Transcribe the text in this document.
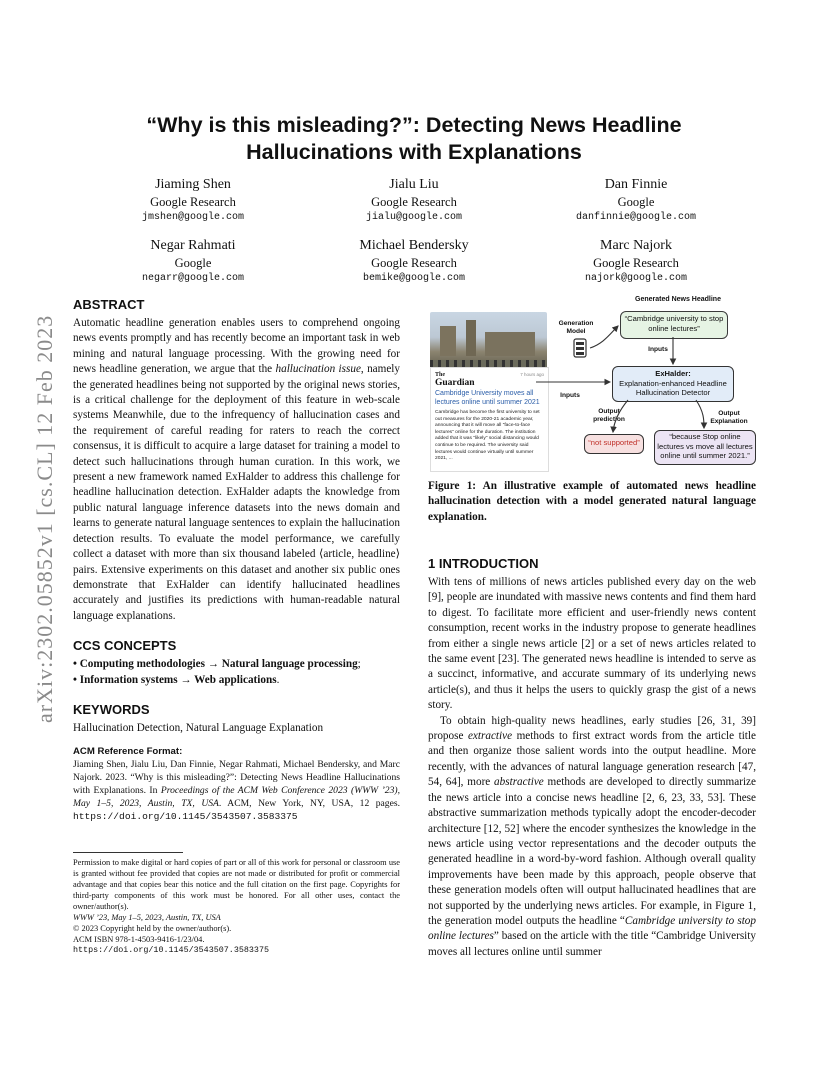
arXiv:2302.05852v1 [cs.CL] 12 Feb 2023
“Why is this misleading?”: Detecting News Headline Hallucinations with Explanations
Jiaming Shen
Google Research
jmshen@google.com
Jialu Liu
Google Research
jialu@google.com
Dan Finnie
Google
danfinnie@google.com
Negar Rahmati
Google
negarr@google.com
Michael Bendersky
Google Research
bemike@google.com
Marc Najork
Google Research
najork@google.com
ABSTRACT

Automatic headline generation enables users to comprehend ongoing news events promptly and has recently become an important task in web mining and natural language processing. With the growing need for news headline generation, we argue that the hallucination issue, namely the generated headlines being not supported by the original news stories, is a critical challenge for the deployment of this feature in web-scale systems Meanwhile, due to the infrequency of hallucination cases and the requirement of careful reading for raters to reach the correct consensus, it is difficult to acquire a large dataset for training a model to detect such hallucinations through human curation. In this work, we present a new framework named ExHalder to address this challenge for headline hallucination detection. ExHalder adapts the knowledge from public natural language inference datasets into the news domain and learns to generate natural language sentences to explain the hallucination detection results. To evaluate the model performance, we carefully collect a dataset with more than six thousand labeled ⟨article, headline⟩ pairs. Extensive experiments on this dataset and another six public ones demonstrate that ExHalder can identify hallucinated headlines accurately and justifies its predictions with human-readable natural language explanations.

CCS CONCEPTS

• Computing methodologies → Natural language processing;
• Information systems → Web applications.

KEYWORDS

Hallucination Detection, Natural Language Explanation

ACM Reference Format:

Jiaming Shen, Jialu Liu, Dan Finnie, Negar Rahmati, Michael Bendersky, and Marc Najork. 2023. “Why is this misleading?”: Detecting News Headline Hallucinations with Explanations. In Proceedings of the ACM Web Conference 2023 (WWW ’23), May 1–5, 2023, Austin, TX, USA. ACM, New York, NY, USA, 12 pages. https://doi.org/10.1145/3543507.3583375

Permission to make digital or hard copies of part or all of this work for personal or classroom use is granted without fee provided that copies are not made or distributed for profit or commercial advantage and that copies bear this notice and the full citation on the first page. Copyrights for third-party components of this work must be honored. For all other uses, contact the owner/author(s).

WWW ’23, May 1–5, 2023, Austin, TX, USA

© 2023 Copyright held by the owner/author(s).

ACM ISBN 978-1-4503-9416-1/23/04.

https://doi.org/10.1145/3543507.3583375

The
Guardian
7 hours ago
Cambridge University moves all lectures online until summer 2021
Cambridge has become the first university to set out measures for the 2020-21 academic year, announcing that it will move all “face-to-face lectures” online for the duration. The institution added that it was “likely” social distancing would continue to be required. The university said lectures would continue virtually until summer 2021, ...
Generation Model
Generated News Headline
“Cambridge university to stop online lectures”
Inputs
ExHalder:
Explanation-enhanced Headline Hallucination Detector
Inputs
Output prediction
Output Explanation
“not supported”
“because Stop online lectures vs move all lectures online until summer 2021.”

Figure 1: An illustrative example of automated news headline hallucination detection with a model generated natural language explanation.

1 INTRODUCTION

With tens of millions of news articles published every day on the web [9], people are inundated with massive news contents and find them hard to digest. To facilitate more efficient and user-friendly news content consumption, recent works in the industry propose to generate headlines from either a single news article [2] or a set of news articles related to the same event [23]. The generated news headline is intended to serve as a succinct, informative, and accurate summary of its underlying news article(s), and thus it helps the users to quickly grasp the gist of a news story.

To obtain high-quality news headlines, early studies [26, 31, 39] propose extractive methods to first extract words from the article title and then organize those salient words into the output headline. More recently, with the advances of natural language generation research [47, 54, 64], more abstractive methods are developed to directly summarize the news article into a concise news headline [2, 6, 23, 33, 53]. These abstractive summarization methods typically adopt the encoder-decoder architecture [12, 52] where the encoder synthesizes the knowledge in the news article using vector representations and the decoder outputs the generated headline in a word-by-word fashion. Although overall quality improvements have been made by this approach, people observe that these generation models often will output hallucinated headlines that are not supported by the underlying news articles. For example, in Figure 1, the generation model outputs the headline “Cambridge university to stop online lectures” based on the article with the title “Cambridge University moves all lectures online until summer
